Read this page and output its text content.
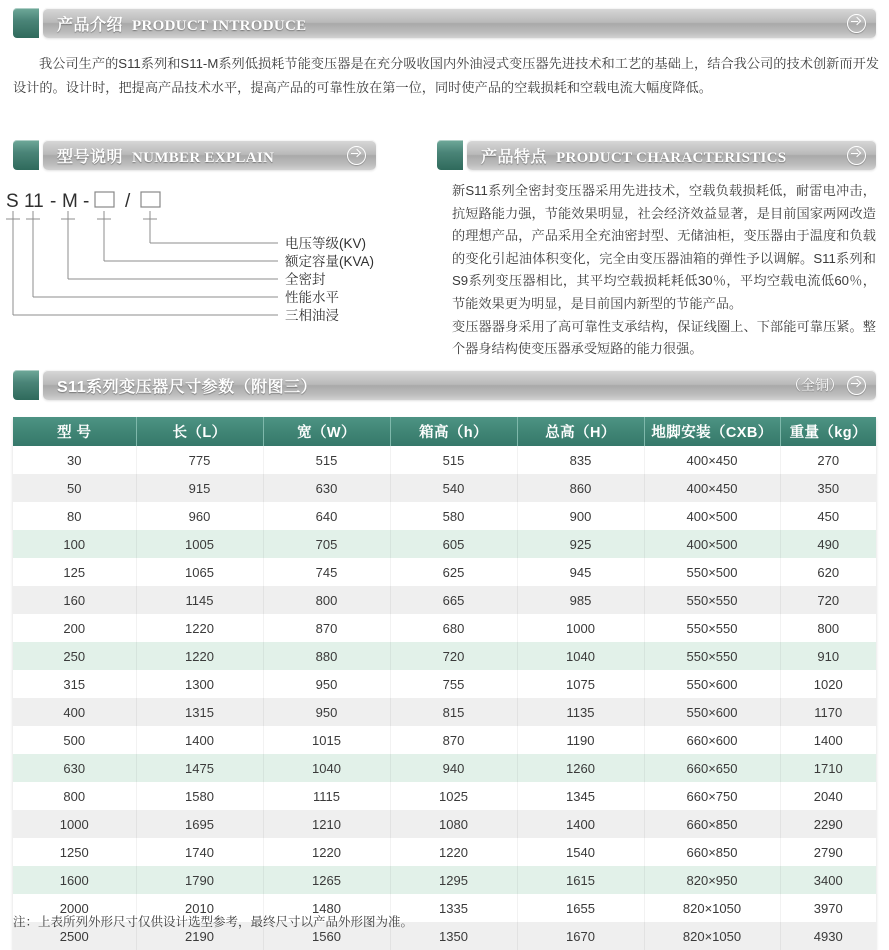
产品介绍 PRODUCT INTRODUCE
我公司生产的S11系列和S11-M系列低损耗节能变压器是在充分吸收国内外油浸式变压器先进技术和工艺的基础上，结合我公司的技术创新而开发设计的。设计时，把提高产品技术水平，提高产品的可靠性放在第一位，同时使产品的空载损耗和空载电流大幅度降低。
型号说明 NUMBER EXPLAIN
S 11 - M - /
电压等级(KV)
额定容量(KVA)
全密封
性能水平
三相油浸
产品特点 PRODUCT CHARACTERISTICS

新S11系列全密封变压器采用先进技术，空载负载损耗低，耐雷电冲击，抗短路能力强，节能效果明显，社会经济效益显著，是目前国家两网改造的理想产品，产品采用全充油密封型、无储油柜，变压器由于温度和负载的变化引起油体积变化，完全由变压器油箱的弹性予以调解。S11系列和S9系列变压器相比，其平均空载损耗耗低30％，平均空载电流低60％，节能效果更为明显，是目前国内新型的节能产品。

变压器器身采用了高可靠性支承结构，保证线圈上、下部能可靠压紧。整个器身结构使变压器承受短路的能力很强。

S11系列变压器尺寸参数（附图三）	（全铜）
型 号	长（L）	宽（W）	箱高（h）	总高（H）	地脚安装（CXB）	重量（kg）
30	775	515	515	835	400×450	270
50	915	630	540	860	400×450	350
80	960	640	580	900	400×500	450
100	1005	705	605	925	400×500	490
125	1065	745	625	945	550×500	620
160	1145	800	665	985	550×550	720
200	1220	870	680	1000	550×550	800
250	1220	880	720	1040	550×550	910
315	1300	950	755	1075	550×600	1020
400	1315	950	815	1135	550×600	1170
500	1400	1015	870	1190	660×600	1400
630	1475	1040	940	1260	660×650	1710
800	1580	1115	1025	1345	660×750	2040
1000	1695	1210	1080	1400	660×850	2290
1250	1740	1220	1220	1540	660×850	2790
1600	1790	1265	1295	1615	820×950	3400
2000	2010	1480	1335	1655	820×1050	3970
2500	2190	1560	1350	1670	820×1050	4930
注：上表所列外形尺寸仅供设计选型参考，最终尺寸以产品外形图为准。
